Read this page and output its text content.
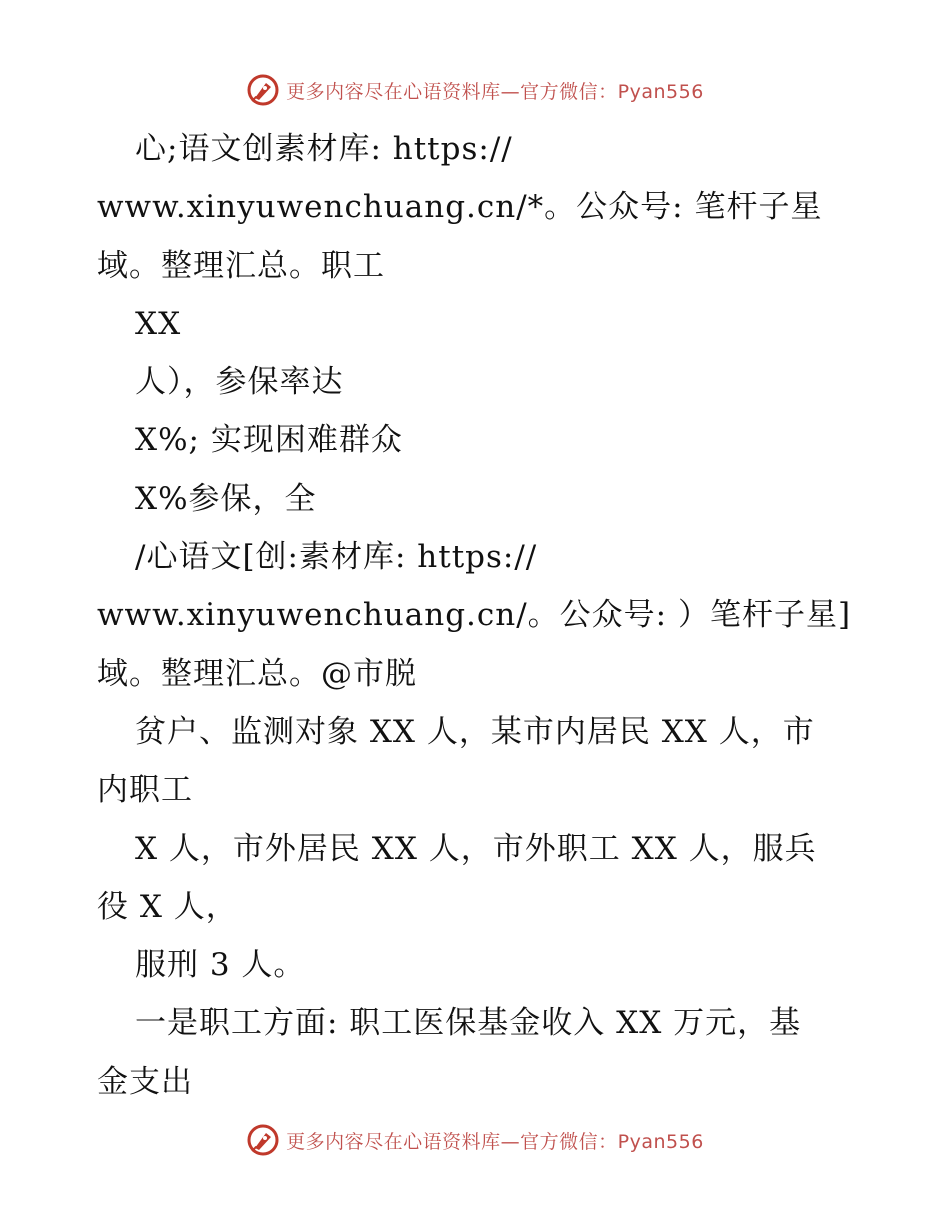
更多内容尽在心语资料库—官方微信：Pyan556
心;语文创素材库: https://
www.xinyuwenchuang.cn/*。公众号: 笔杆子星
域。整理汇总。职工
XX
人），参保率达
X%; 实现困难群众
X%参保，全
/心语文[创:素材库: https://
www.xinyuwenchuang.cn/。公众号: ）笔杆子星]
域。整理汇总。@市脱
贫户、监测对象 XX 人，某市内居民 XX 人，市
内职工
X 人，市外居民 XX 人，市外职工 XX 人，服兵
役 X 人，
服刑 3 人。
一是职工方面: 职工医保基金收入 XX 万元，基
金支出
更多内容尽在心语资料库—官方微信：Pyan556
